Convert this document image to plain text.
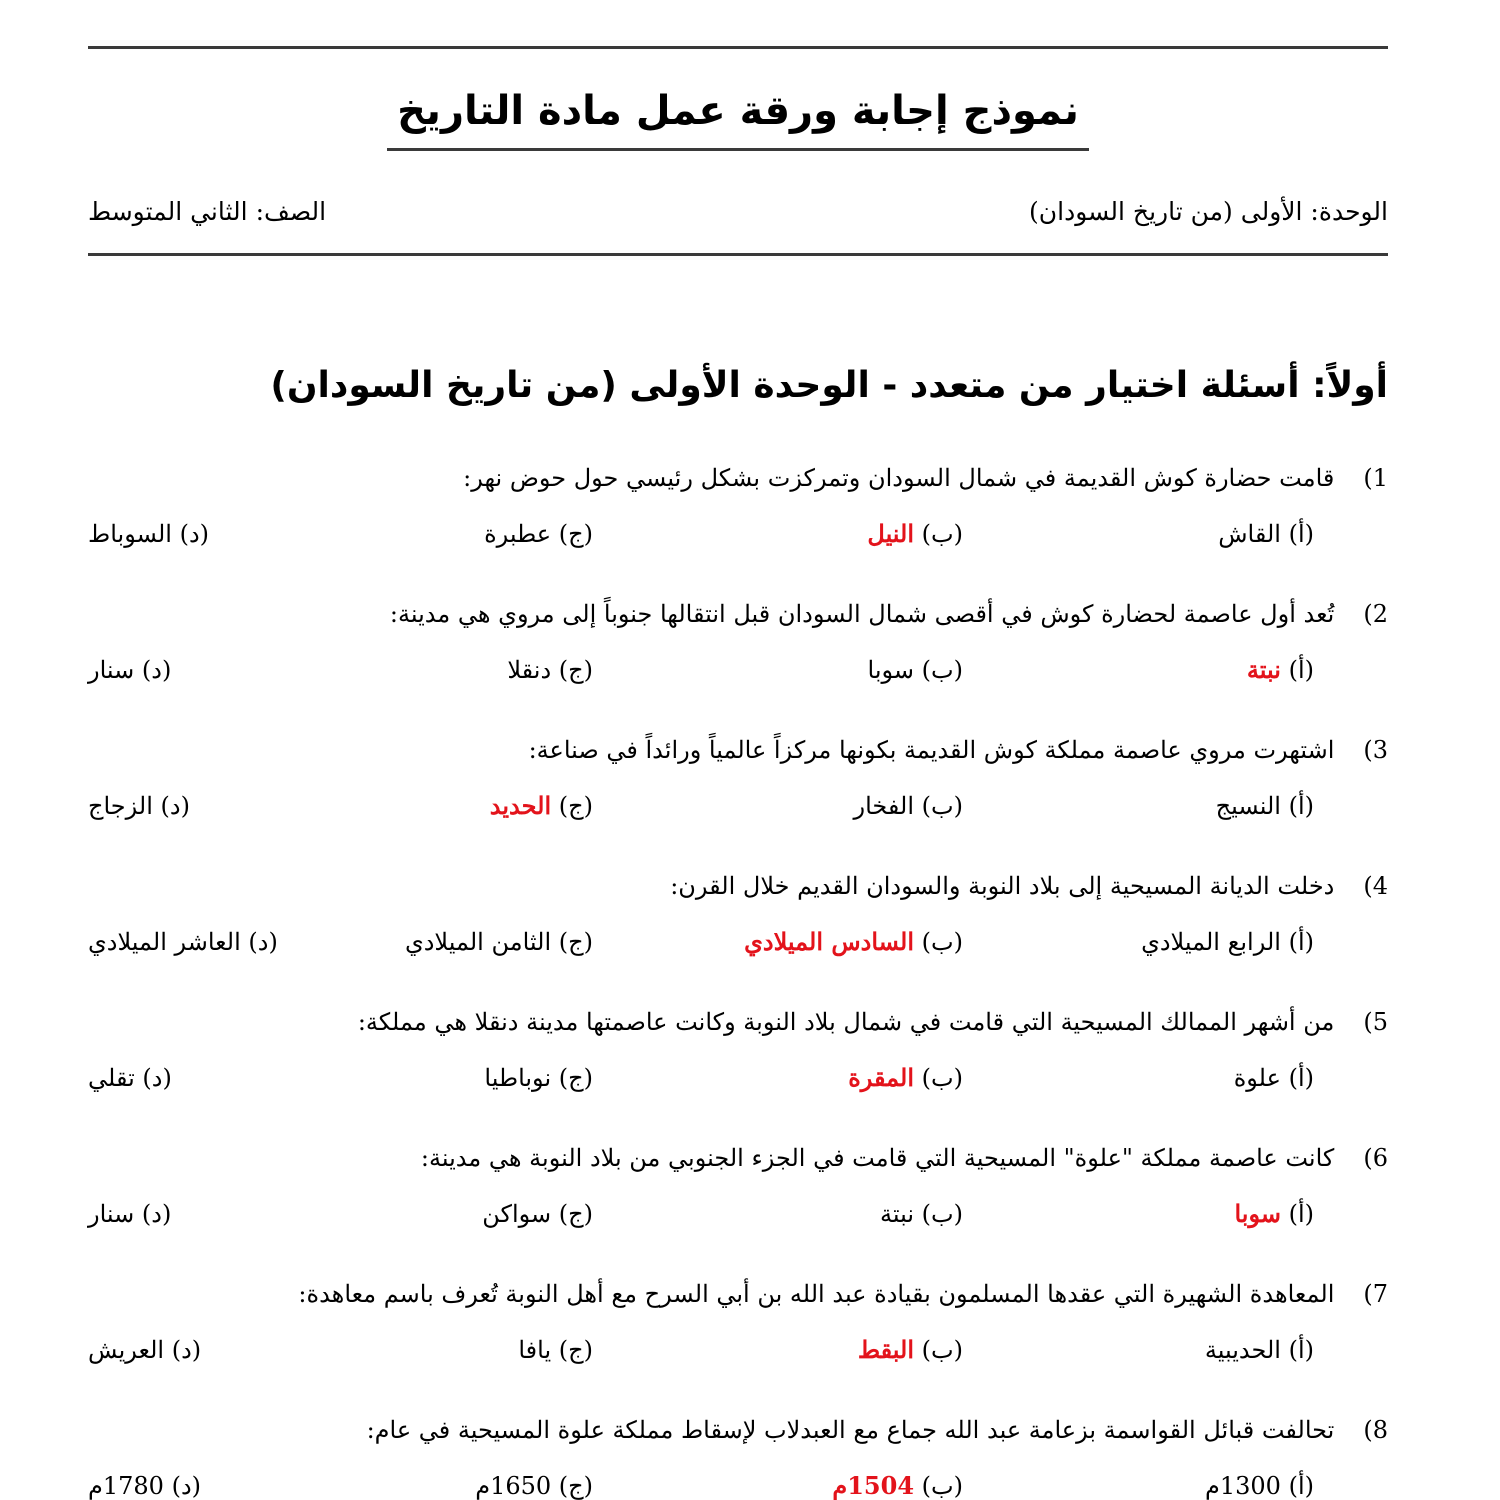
نموذج إجابة ورقة عمل مادة التاريخ
الوحدة: الأولى (من تاريخ السودان)
الصف: الثاني المتوسط
أولاً: أسئلة اختيار من متعدد - الوحدة الأولى (من تاريخ السودان)
1) قامت حضارة كوش القديمة في شمال السودان وتمركزت بشكل رئيسي حول حوض نهر:
(أ) القاش
(ب) النيل
(ج) عطبرة
(د) السوباط
2) تُعد أول عاصمة لحضارة كوش في أقصى شمال السودان قبل انتقالها جنوباً إلى مروي هي مدينة:
(أ) نبتة
(ب) سوبا
(ج) دنقلا
(د) سنار
3) اشتهرت مروي عاصمة مملكة كوش القديمة بكونها مركزاً عالمياً ورائداً في صناعة:
(أ) النسيج
(ب) الفخار
(ج) الحديد
(د) الزجاج
4) دخلت الديانة المسيحية إلى بلاد النوبة والسودان القديم خلال القرن:
(أ) الرابع الميلادي
(ب) السادس الميلادي
(ج) الثامن الميلادي
(د) العاشر الميلادي
5) من أشهر الممالك المسيحية التي قامت في شمال بلاد النوبة وكانت عاصمتها مدينة دنقلا هي مملكة:
(أ) علوة
(ب) المقرة
(ج) نوباطيا
(د) تقلي
6) كانت عاصمة مملكة "علوة" المسيحية التي قامت في الجزء الجنوبي من بلاد النوبة هي مدينة:
(أ) سوبا
(ب) نبتة
(ج) سواكن
(د) سنار
7) المعاهدة الشهيرة التي عقدها المسلمون بقيادة عبد الله بن أبي السرح مع أهل النوبة تُعرف باسم معاهدة:
(أ) الحديبية
(ب) البقط
(ج) يافا
(د) العريش
8) تحالفت قبائل القواسمة بزعامة عبد الله جماع مع العبدلاب لإسقاط مملكة علوة المسيحية في عام:
(أ) 1300م
(ب) 1504م
(ج) 1650م
(د) 1780م
